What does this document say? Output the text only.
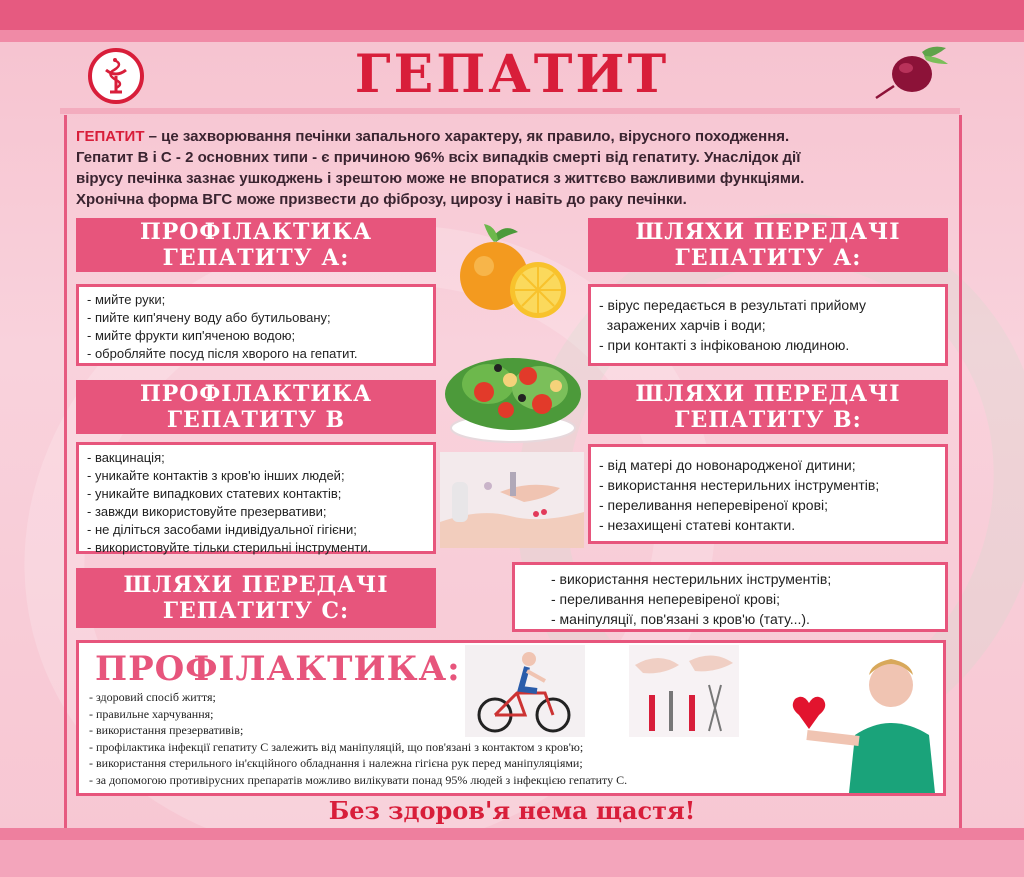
ГЕПАТИТ
ГЕПАТИТ – це захворювання печінки запального характеру, як правило, вірусного походження.
Гепатит В і С - 2 основних типи - є причиною 96% всіх випадків смерті від гепатиту. Унаслідок дії
вірусу печінка зазнає ушкоджень і зрештою може не впоратися з життєво важливими функціями.
Хронічна форма ВГС може призвести до фіброзу, цирозу і навіть до раку печінки.
ПРОФІЛАКТИКА
ГЕПАТИТУ А:
- мийте руки;
- пийте кип'ячену воду або бутильовану;
- мийте фрукти кип'яченою водою;
- обробляйте посуд після хворого на гепатит.
ШЛЯХИ ПЕРЕДАЧІ
ГЕПАТИТУ А:
- вірус передається в результаті прийому
заражених харчів і води;
- при контакті з інфікованою людиною.
ПРОФІЛАКТИКА
ГЕПАТИТУ В
- вакцинація;
- уникайте контактів з кров'ю інших людей;
- уникайте випадкових статевих контактів;
- завжди використовуйте презервативи;
- не діліться засобами індивідуальної гігієни;
- використовуйте тільки стерильні інструменти.
ШЛЯХИ ПЕРЕДАЧІ
ГЕПАТИТУ В:
- від матері до новонародженої дитини;
- використання нестерильних інструментів;
- переливання неперевіреної крові;
- незахищені статеві контакти.
ШЛЯХИ ПЕРЕДАЧІ
ГЕПАТИТУ С:
- використання нестерильних інструментів;
- переливання неперевіреної крові;
- маніпуляції, пов'язані з кров'ю (тату...).
ПРОФІЛАКТИКА:
- здоровий спосіб життя;
- правильне харчування;
- використання презервативів;
- профілактика інфекції гепатиту С залежить від маніпуляцій, що пов'язані з контактом з кров'ю;
- використання стерильного ін'єкційного обладнання і належна гігієна рук перед маніпуляціями;
- за допомогою противірусних препаратів можливо вилікувати понад 95% людей з інфекцією гепатиту С.
Без здоров'я нема щастя!
